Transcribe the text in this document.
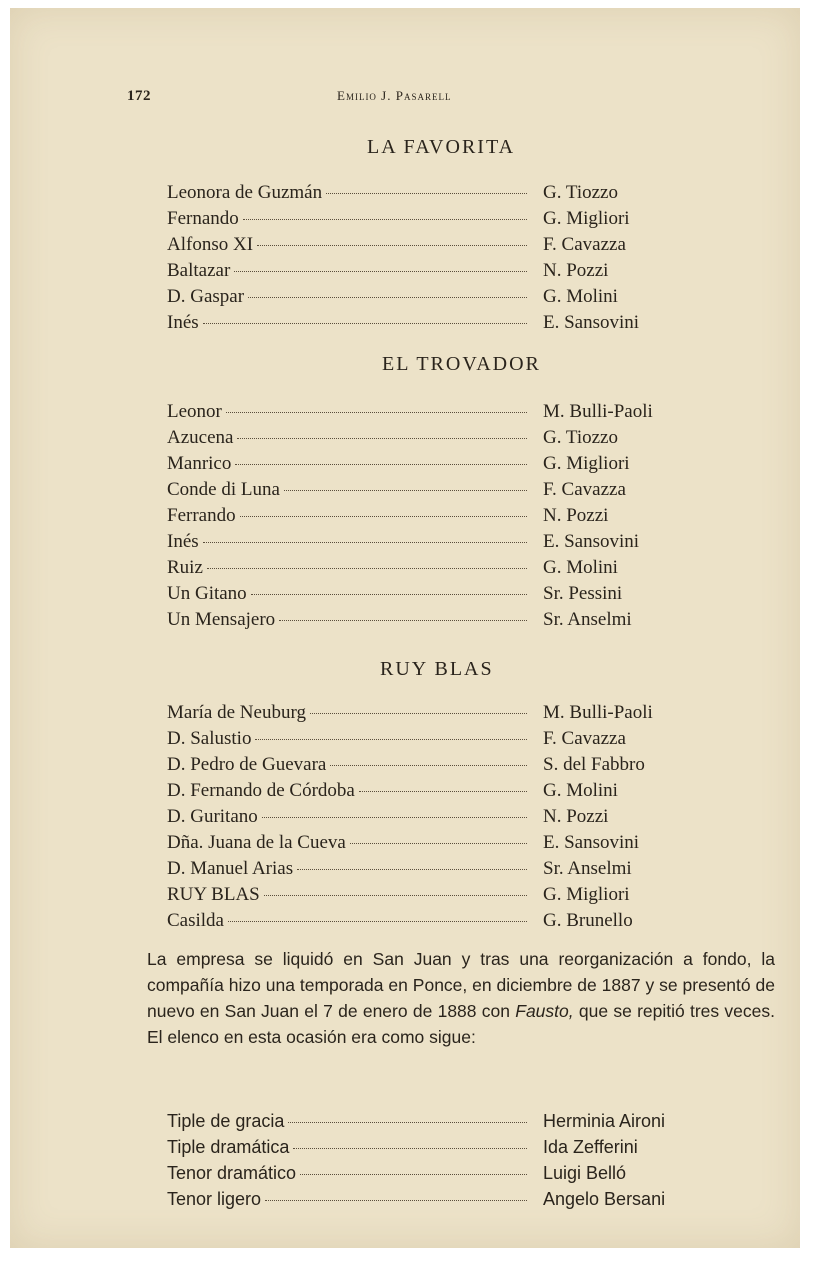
172	Emilio J. Pasarell
LA FAVORITA
Leonora de Guzmán	G. Tiozzo
Fernando	G. Migliori
Alfonso XI	F. Cavazza
Baltazar	N. Pozzi
D. Gaspar	G. Molini
Inés	E. Sansovini
EL TROVADOR
Leonor	M. Bulli-Paoli
Azucena	G. Tiozzo
Manrico	G. Migliori
Conde di Luna	F. Cavazza
Ferrando	N. Pozzi
Inés	E. Sansovini
Ruiz	G. Molini
Un Gitano	Sr. Pessini
Un Mensajero	Sr. Anselmi
RUY BLAS
María de Neuburg	M. Bulli-Paoli
D. Salustio	F. Cavazza
D. Pedro de Guevara	S. del Fabbro
D. Fernando de Córdoba	G. Molini
D. Guritano	N. Pozzi
Dña. Juana de la Cueva	E. Sansovini
D. Manuel Arias	Sr. Anselmi
RUY BLAS	G. Migliori
Casilda	G. Brunello

La empresa se liquidó en San Juan y tras una reorganización a fondo, la compañía hizo una temporada en Ponce, en diciembre de 1887 y se presentó de nuevo en San Juan el 7 de enero de 1888 con Fausto, que se repitió tres veces. El elenco en esta ocasión era como sigue:

Tiple de gracia	Herminia Aironi
Tiple dramática	Ida Zefferini
Tenor dramático	Luigi Belló
Tenor ligero	Angelo Bersani
